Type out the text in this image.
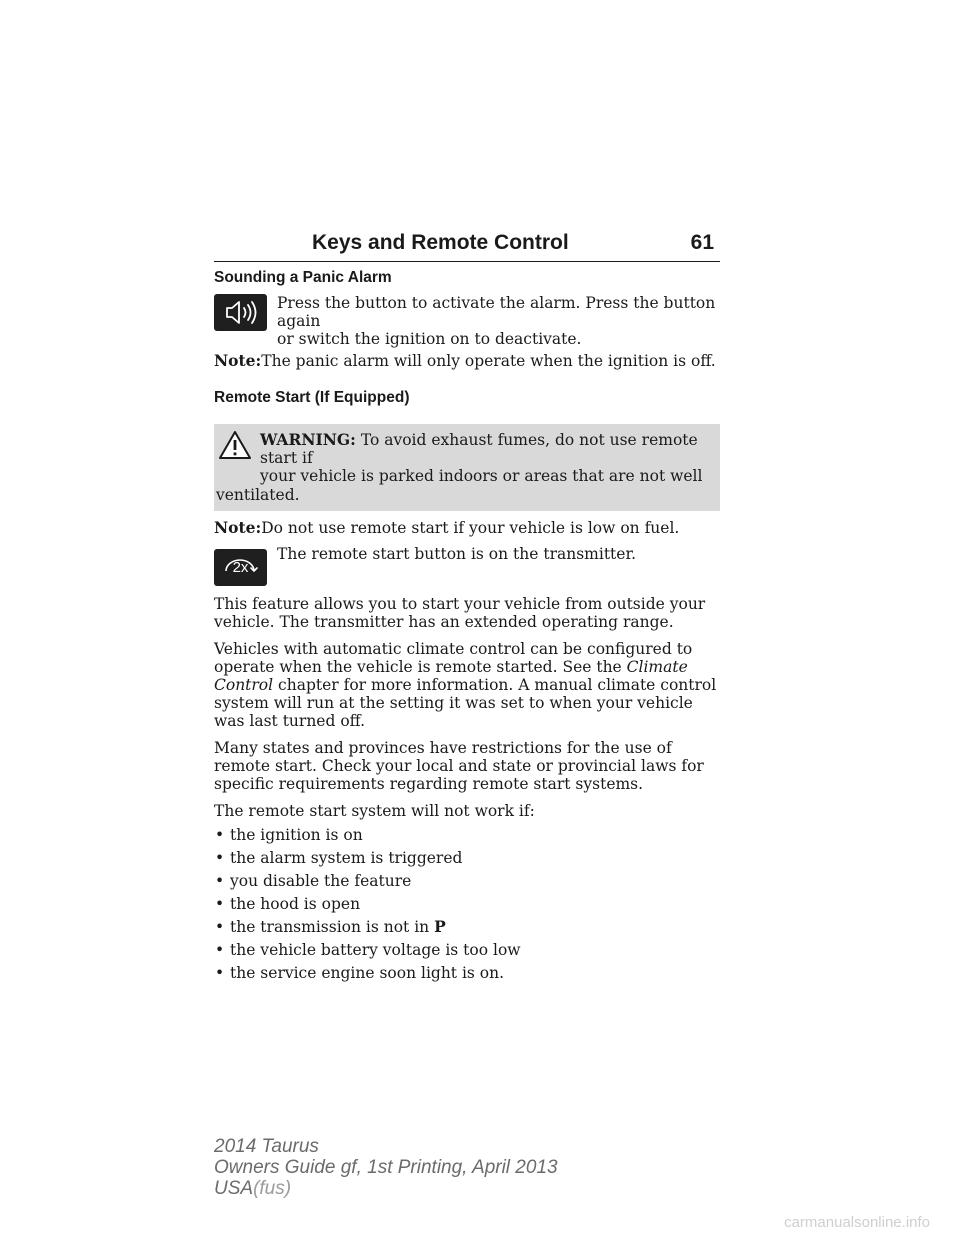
Keys and Remote Control	61
Sounding a Panic Alarm

Press the button to activate the alarm. Press the button again

or switch the ignition on to deactivate.

Note:The panic alarm will only operate when the ignition is off.

Remote Start (If Equipped)

WARNING: To avoid exhaust fumes, do not use remote start if

your vehicle is parked indoors or areas that are not well

ventilated.

Note:Do not use remote start if your vehicle is low on fuel.

2x

The remote start button is on the transmitter.

This feature allows you to start your vehicle from outside your vehicle. The transmitter has an extended operating range.

Vehicles with automatic climate control can be configured to operate when the vehicle is remote started. See the Climate Control chapter for more information. A manual climate control system will run at the setting it was set to when your vehicle was last turned off.

Many states and provinces have restrictions for the use of remote start. Check your local and state or provincial laws for specific requirements regarding remote start systems.

The remote start system will not work if:

• the ignition is on
• the alarm system is triggered
• you disable the feature
• the hood is open
• the transmission is not in P
• the vehicle battery voltage is too low
• the service engine soon light is on.
2014 Taurus
Owners Guide gf, 1st Printing, April 2013
USA(fus)
carmanualsonline.info
